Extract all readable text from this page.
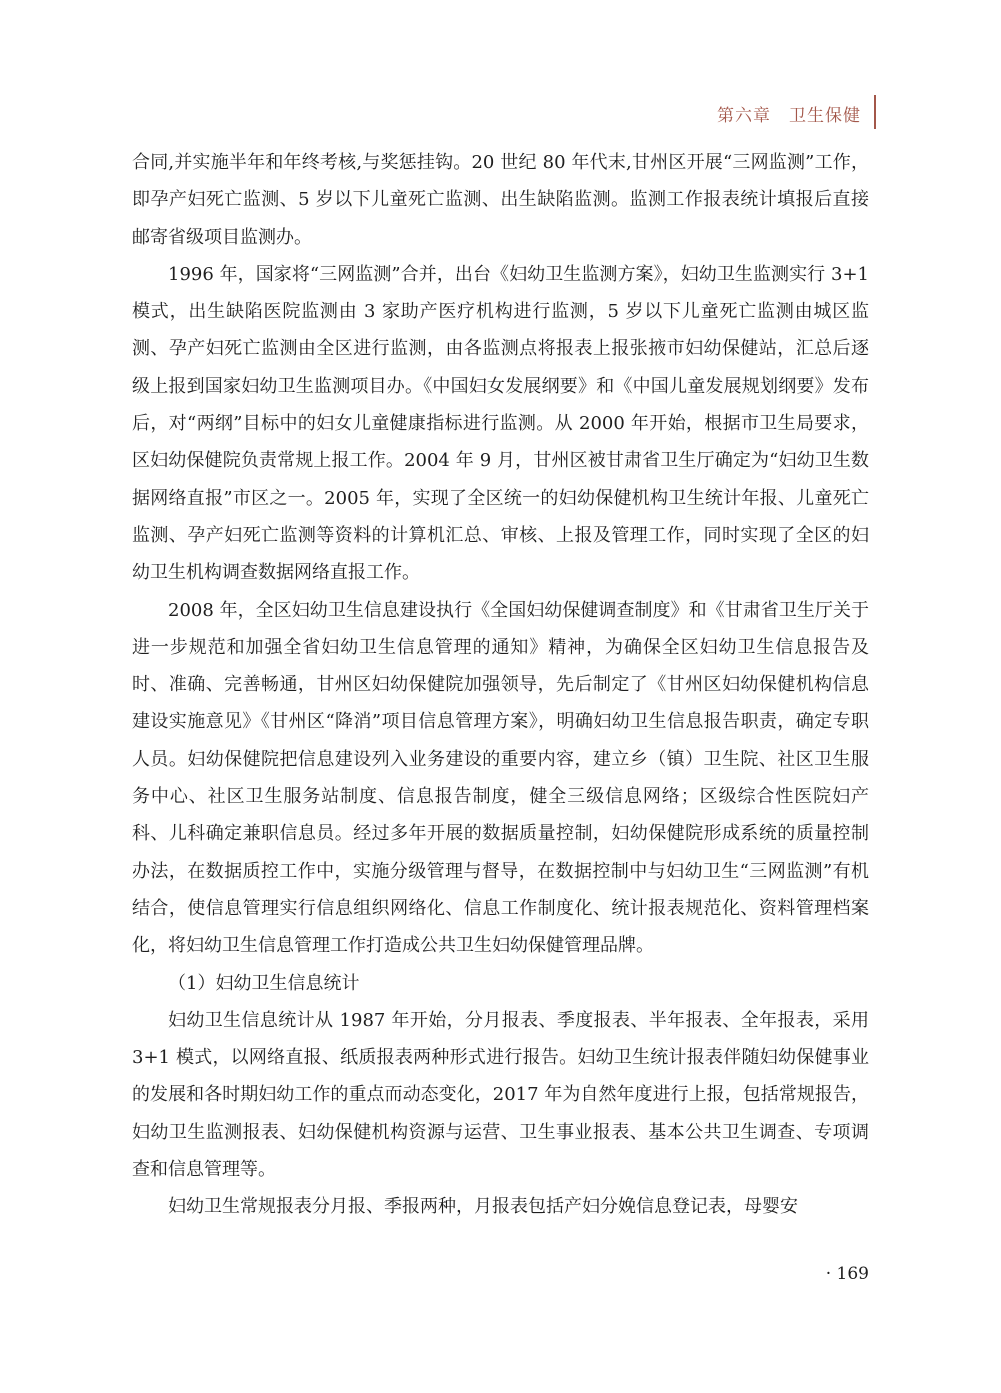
第六章　卫生保健

合同,并实施半年和年终考核,与奖惩挂钩。20 世纪 80 年代末,甘州区开展“三网监测”工作，即孕产妇死亡监测、5 岁以下儿童死亡监测、出生缺陷监测。监测工作报表统计填报后直接邮寄省级项目监测办。

1996 年，国家将“三网监测”合并，出台《妇幼卫生监测方案》，妇幼卫生监测实行 3+1 模式，出生缺陷医院监测由 3 家助产医疗机构进行监测，5 岁以下儿童死亡监测由城区监测、孕产妇死亡监测由全区进行监测，由各监测点将报表上报张掖市妇幼保健站，汇总后逐级上报到国家妇幼卫生监测项目办。《中国妇女发展纲要》和《中国儿童发展规划纲要》发布后，对“两纲”目标中的妇女儿童健康指标进行监测。从 2000 年开始，根据市卫生局要求，区妇幼保健院负责常规上报工作。2004 年 9 月，甘州区被甘肃省卫生厅确定为“妇幼卫生数据网络直报”市区之一。2005 年，实现了全区统一的妇幼保健机构卫生统计年报、儿童死亡监测、孕产妇死亡监测等资料的计算机汇总、审核、上报及管理工作，同时实现了全区的妇幼卫生机构调查数据网络直报工作。

2008 年，全区妇幼卫生信息建设执行《全国妇幼保健调查制度》和《甘肃省卫生厅关于进一步规范和加强全省妇幼卫生信息管理的通知》精神，为确保全区妇幼卫生信息报告及时、准确、完善畅通，甘州区妇幼保健院加强领导，先后制定了《甘州区妇幼保健机构信息建设实施意见》《甘州区“降消”项目信息管理方案》，明确妇幼卫生信息报告职责，确定专职人员。妇幼保健院把信息建设列入业务建设的重要内容，建立乡（镇）卫生院、社区卫生服务中心、社区卫生服务站制度、信息报告制度，健全三级信息网络；区级综合性医院妇产科、儿科确定兼职信息员。经过多年开展的数据质量控制，妇幼保健院形成系统的质量控制办法，在数据质控工作中，实施分级管理与督导，在数据控制中与妇幼卫生“三网监测”有机结合，使信息管理实行信息组织网络化、信息工作制度化、统计报表规范化、资料管理档案化，将妇幼卫生信息管理工作打造成公共卫生妇幼保健管理品牌。

（1）妇幼卫生信息统计

妇幼卫生信息统计从 1987 年开始，分月报表、季度报表、半年报表、全年报表，采用 3+1 模式，以网络直报、纸质报表两种形式进行报告。妇幼卫生统计报表伴随妇幼保健事业的发展和各时期妇幼工作的重点而动态变化，2017 年为自然年度进行上报，包括常规报告，妇幼卫生监测报表、妇幼保健机构资源与运营、卫生事业报表、基本公共卫生调查、专项调查和信息管理等。

妇幼卫生常规报表分月报、季报两种，月报表包括产妇分娩信息登记表，母婴安

· 169
